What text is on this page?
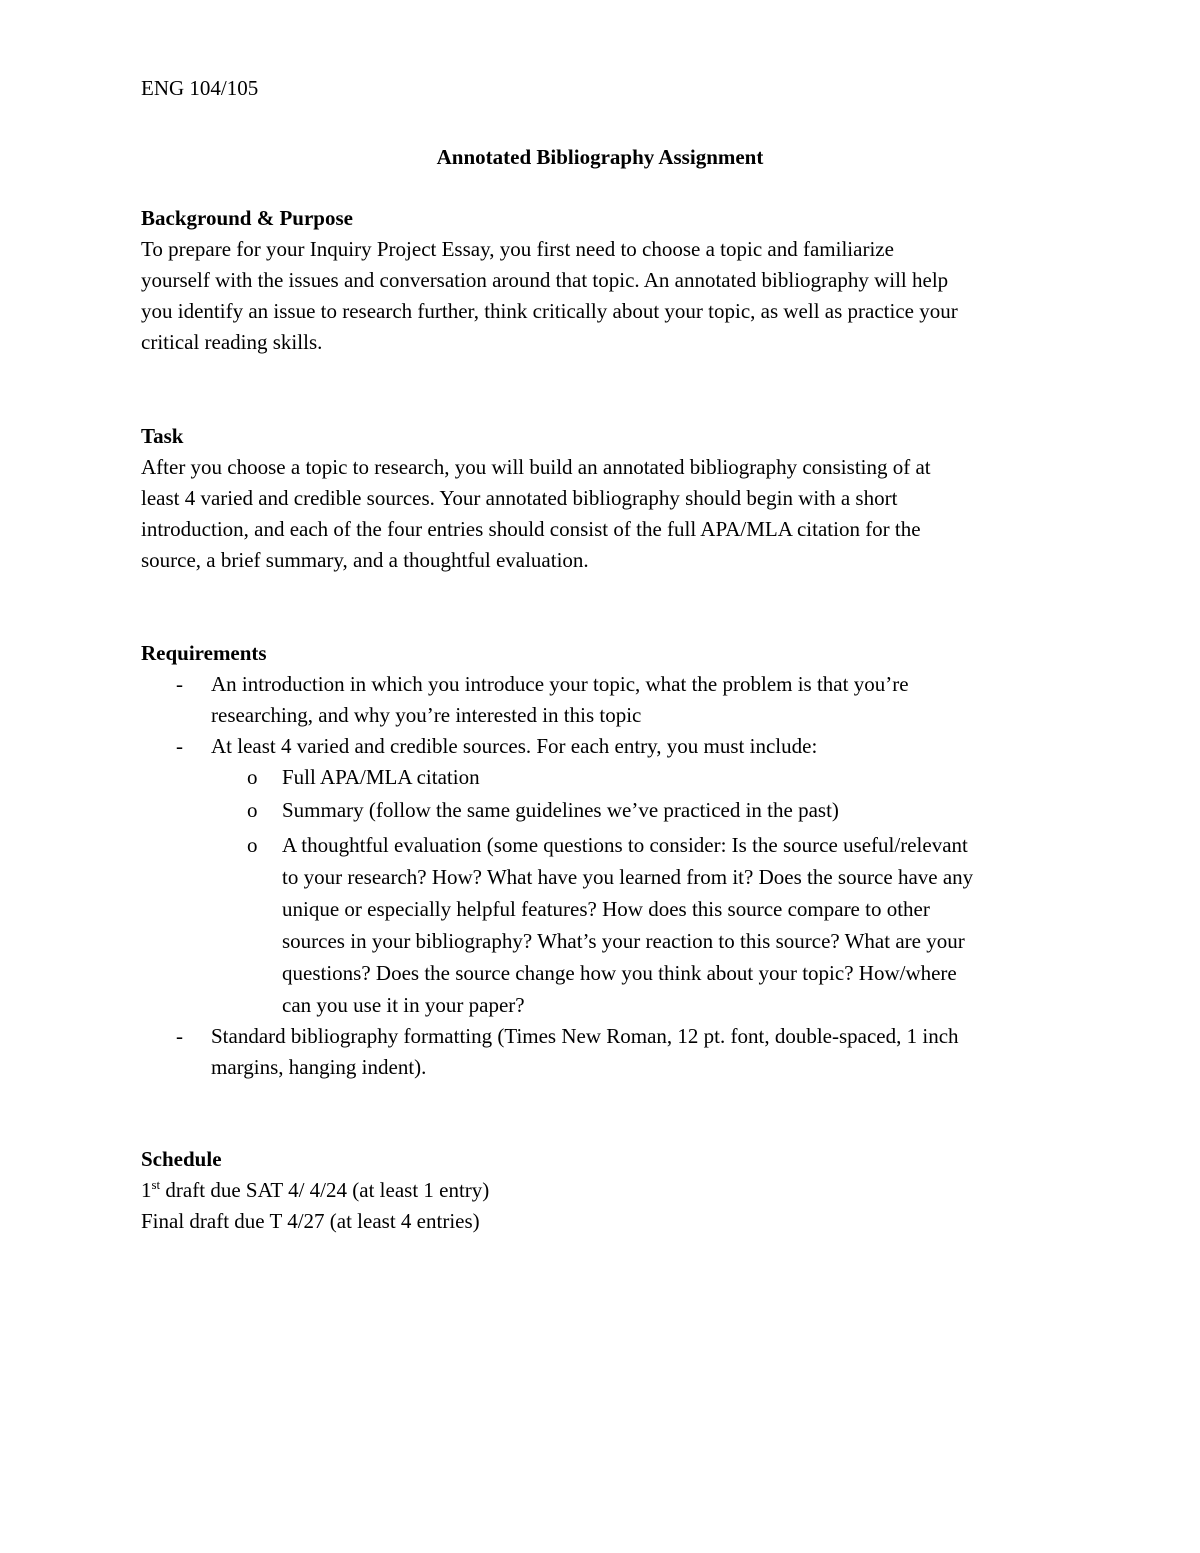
ENG 104/105
Annotated Bibliography Assignment
Background & Purpose
To prepare for your Inquiry Project Essay, you first need to choose a topic and familiarize
yourself with the issues and conversation around that topic. An annotated bibliography will help
you identify an issue to research further, think critically about your topic, as well as practice your
critical reading skills.
Task
After you choose a topic to research, you will build an annotated bibliography consisting of at
least 4 varied and credible sources. Your annotated bibliography should begin with a short
introduction, and each of the four entries should consist of the full APA/MLA citation for the
source, a brief summary, and a thoughtful evaluation.
Requirements
- An introduction in which you introduce your topic, what the problem is that you’re
researching, and why you’re interested in this topic
- At least 4 varied and credible sources. For each entry, you must include:
o Full APA/MLA citation
o Summary (follow the same guidelines we’ve practiced in the past)
o A thoughtful evaluation (some questions to consider: Is the source useful/relevant
to your research? How? What have you learned from it? Does the source have any
unique or especially helpful features? How does this source compare to other
sources in your bibliography? What’s your reaction to this source? What are your
questions? Does the source change how you think about your topic? How/where
can you use it in your paper?
- Standard bibliography formatting (Times New Roman, 12 pt. font, double-spaced, 1 inch
margins, hanging indent).
Schedule
1st draft due SAT 4/ 4/24 (at least 1 entry)
Final draft due T 4/27 (at least 4 entries)
